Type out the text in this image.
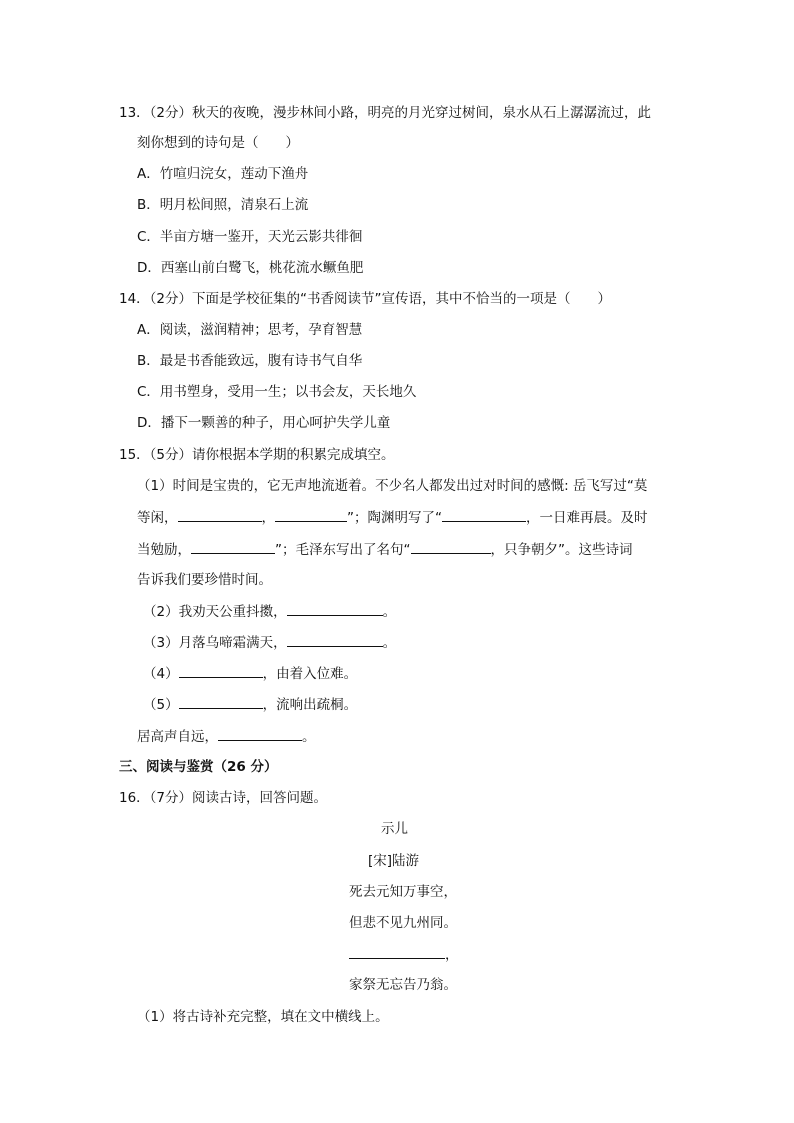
13．（2分）秋天的夜晚，漫步林间小路，明亮的月光穿过树间，泉水从石上潺潺流过，此
刻你想到的诗句是（　　）
A．竹喧归浣女，莲动下渔舟
B．明月松间照，清泉石上流
C．半亩方塘一鉴开，天光云影共徘徊
D．西塞山前白鹭飞，桃花流水鳜鱼肥
14．（2分）下面是学校征集的“书香阅读节”宣传语，其中不恰当的一项是（　　）
A．阅读，滋润精神；思考，孕育智慧
B．最是书香能致远，腹有诗书气自华
C．用书塑身，受用一生；以书会友，天长地久
D．播下一颗善的种子，用心呵护失学儿童
15．（5分）请你根据本学期的积累完成填空。
（1）时间是宝贵的，它无声地流逝着。不少名人都发出过对时间的感慨: 岳飞写过“莫
等闲，	，	”；陶渊明写了“	，一日难再晨。及时
当勉励，	”；毛泽东写出了名句“	，只争朝夕”。这些诗词
告诉我们要珍惜时间。
（2）我劝天公重抖擞，	。
（3）月落乌啼霜满天，	。
（4）	，由着入位难。
（5）	，流响出疏桐。
居高声自远，	。
三、阅读与鉴赏（26 分）
16．（7分）阅读古诗，回答问题。
示儿
[宋]陆游
死去元知万事空，
但悲不见九州同。
，
家祭无忘告乃翁。
（1）将古诗补充完整，填在文中横线上。
